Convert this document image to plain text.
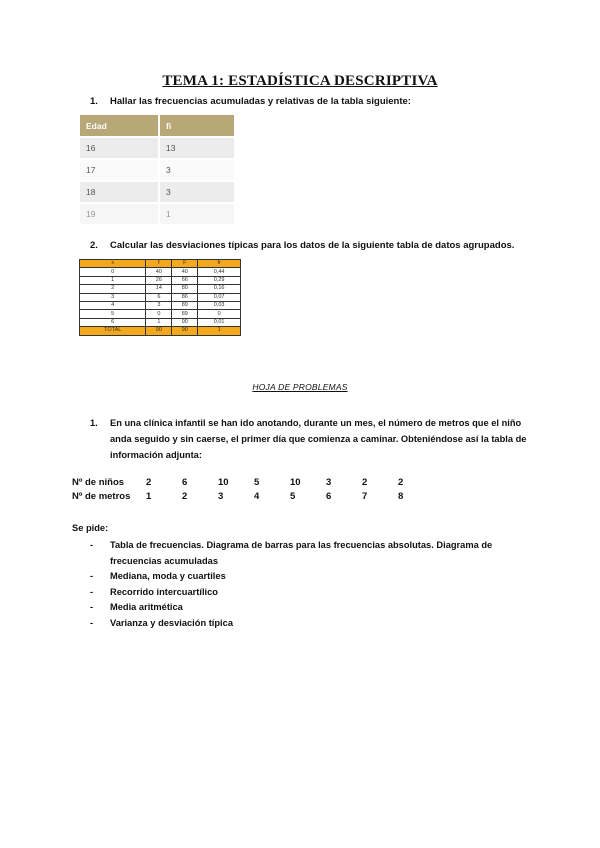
TEMA 1: ESTADÍSTICA DESCRIPTIVA
1. Hallar las frecuencias acumuladas y relativas de la tabla siguiente:
Edad	fi
16	13
17	3
18	3
19	1
2. Calcular las desviaciones típicas para los datos de la siguiente tabla de datos agrupados.
x	f	F	fr
0	40	40	0,44
1	26	66	0,29
2	14	80	0,16
3	6	86	0,07
4	3	89	0,03
5	0	89	0
6	1	90	0,01
TOTAL	90	90	1
HOJA DE PROBLEMAS
1. En una clínica infantil se han ido anotando, durante un mes, el número de metros que el niño anda seguido y sin caerse, el primer día que comienza a caminar. Obteniéndose así la tabla de información adjunta:
Nº de niños 2	6	10	5	10	3	2	2
Nº de metros 1	2	3	4	5	6	7	8
Se pide:
- Tabla de frecuencias. Diagrama de barras para las frecuencias absolutas. Diagrama de frecuencias acumuladas
- Mediana, moda y cuartiles
- Recorrido intercuartílico
- Media aritmética
- Varianza y desviación típica
